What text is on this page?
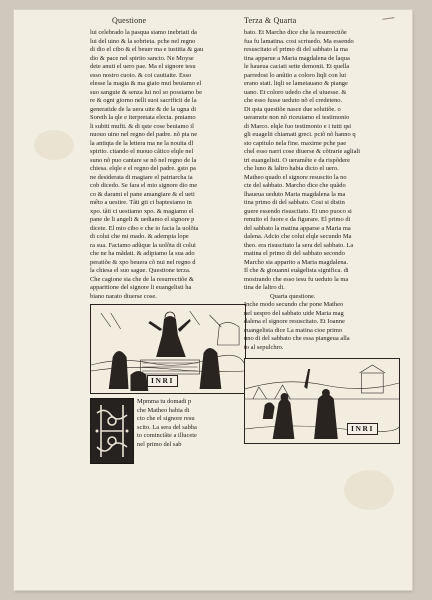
Questione	Terza & Quarta
lui celebrado la pasqua siamo inebriati da
lui del uino & la sobrieta. pche nel regno
di dio el cibo & el beuer ma e iustitia & gau
dio & pace nel spirito sancto. Ne Moyse
dete anuti el uero pae. Ma el signore iesu
esso nostro cuoio. & coi cautiaite. Esso
elesse la magia & ma giato mui beuiamo el
suo sanguie & senza lui nol so possiamo be
re & ogni giorno nelli suoi sacrificii de la
generatide de la uera uite & de la ugna di
Soreth la qle e iterpretata electa. pmiamo
li subiti mufti. & di qste cose beuiamo il
nuouo uino nel regno del padre. nõ pia ne
la antiqta de la lettera ma ne la nouita dl
spirito. citando el nuouo cãtico elqle nel
suno nõ puo cantare se nõ nel regno de la
chiesa. elqle e el regno del padre. gsto pa
ne desiderata di magiare el patriarcha ia
cob dicedo. Se fara el mio signore dio me
co & darami el pane amangiare & el ueti
mêto a uestire. Tãti gti ci baptesiamo in
xpo. tãti ci uestiamo xpo. & magiamo el
pane de li angeli & uediamo el signore p
dicete. El mio cibo e che io facia la uolõta
di colui che mi mado. & adempia lope
ra sua. Faciamo adũque la uolõta di colui
che ne ha mãdati. & adipiamo la sua ado
peratiõe & xpo beuera cõ nui nel regno d
la chiesa el suo sague. Questione terza.
Che cagione sia che de la resurrectiõe &
apparitione del signore li euangelisti ha
biano narato diuerse cose.
INRI
Mpmma tu domadi p
che Matheo habia di
cto che el signore resu
scito. La sera del sabba
to cominciãte a illucete
nel primo del sab
bato. Et Marcho dice che la resurrectiõe
fua fu lamatina. cosi scriuedo. Ma essendo
resuscitato el primo di del sabbato la ma
tina apparue a Maria magdalena de laqua
le haueua caciati sette demonii. Et quella
parredosi lo anũtio a coloro liqli con lui
erano stati. liqli se lametauano & piange
uano. Et coloro udedo che el uiuesse. &
che esso fusse ueduto nõ el credeteno.
Di qsta questiõe nasce due solutiõe. o
ueramete non nõ riceuiamo el testimonio
di Marco. elqle fuo testimonio e i tutti qsi
gli euagelii chiamati greci. pciõ nõ hanno q
sto capitulo nela fine. maxime pche pae
chel esso narri cose diuerse & cõtrarie agliali
tri euangelisti. O ueramête e da rispõdere
che luno & laltro habia dicto el uero.
Matheo quado el signore resuscito la no
cte del sabbato. Marcho dice che quãdo
lhaueua ueduto Maria magdalena la ma
tina primo di del sabbato. Cosi si distin
guere essendo risuscitato. Et uno puoco si
renuito el fuore e da figurare. El primo di
del sabbato la matina apparse a Maria ma
dalena. Adcio che colui elqle secundo Ma
theo. era risuscitato la sera del sabbato. La
matina el primo di del sabbato secondo
Marcho sia apparito a Maria magdalena.
Il che & giouanni euãgelista significa. di
mostrando che esso iesu fu ueduto la ma
tina de laltro di.
Quarta questione.
Inche modo secundo che pone Matheo
nel uespro del sabbato uide Maria mag
dalena el signore resuscitato. Et Ioanne
euangelista dice La matina cioe primo
uno di del sabbato che essa piangeua alla
to al sepulchro.
INRI
